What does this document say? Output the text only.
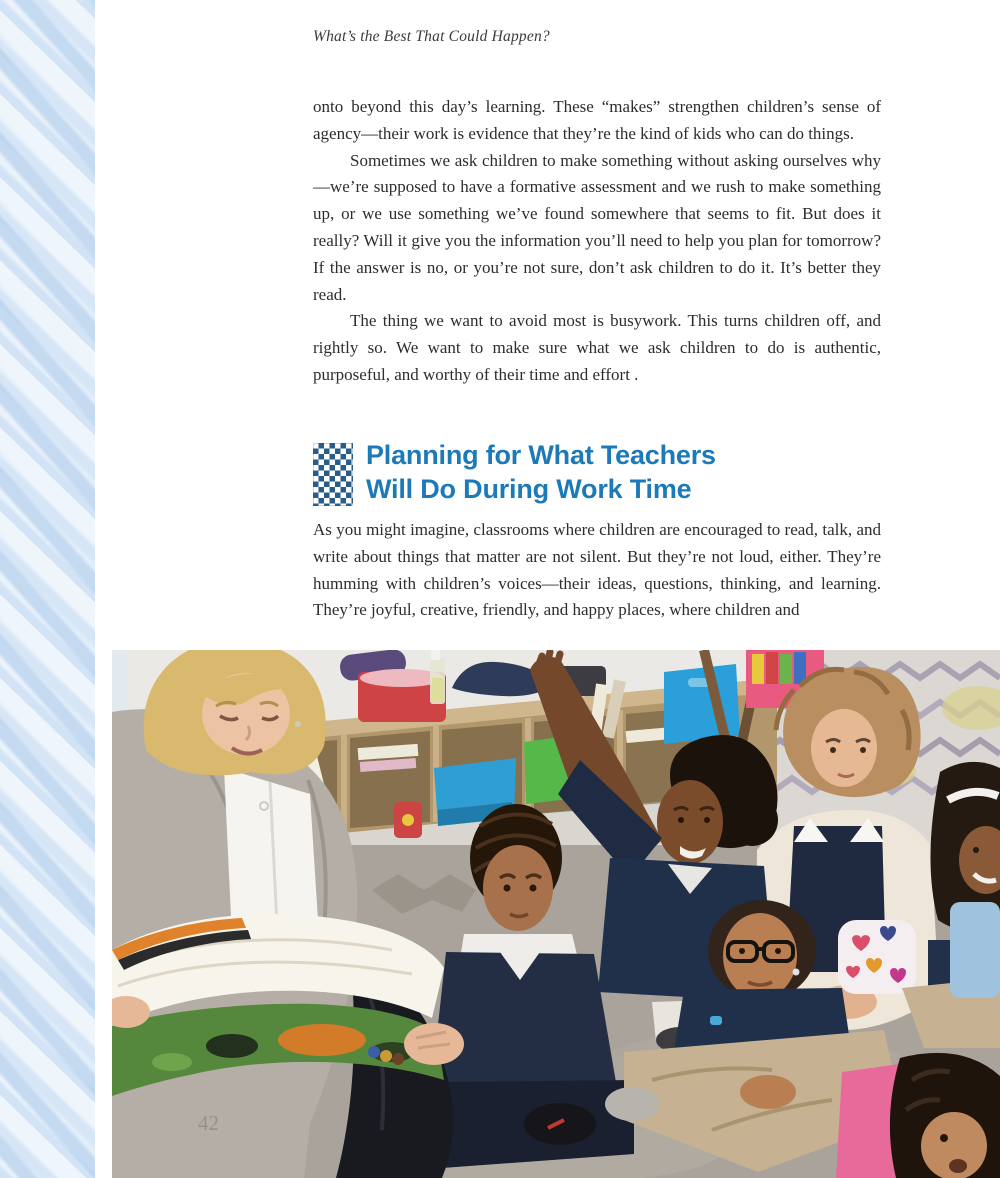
What’s the Best That Could Happen?

onto beyond this day’s learning. These “makes” strengthen children’s sense of agency—their work is evidence that they’re the kind of kids who can do things.

Sometimes we ask children to make something without asking ourselves why—we’re supposed to have a formative assessment and we rush to make something up, or we use something we’ve found somewhere that seems to fit. But does it really? Will it give you the information you’ll need to help you plan for tomorrow? If the answer is no, or you’re not sure, don’t ask children to do it. It’s better they read.

The thing we want to avoid most is busywork. This turns children off, and rightly so. We want to make sure what we ask children to do is authentic, purposeful, and worthy of their time and effort .

Planning for What Teachers
Will Do During Work Time

As you might imagine, classrooms where children are encouraged to read, talk, and write about things that matter are not silent. But they’re not loud, either. They’re humming with children’s voices—their ideas, questions, thinking, and learning. They’re joyful, creative, friendly, and happy places, where children and

42
